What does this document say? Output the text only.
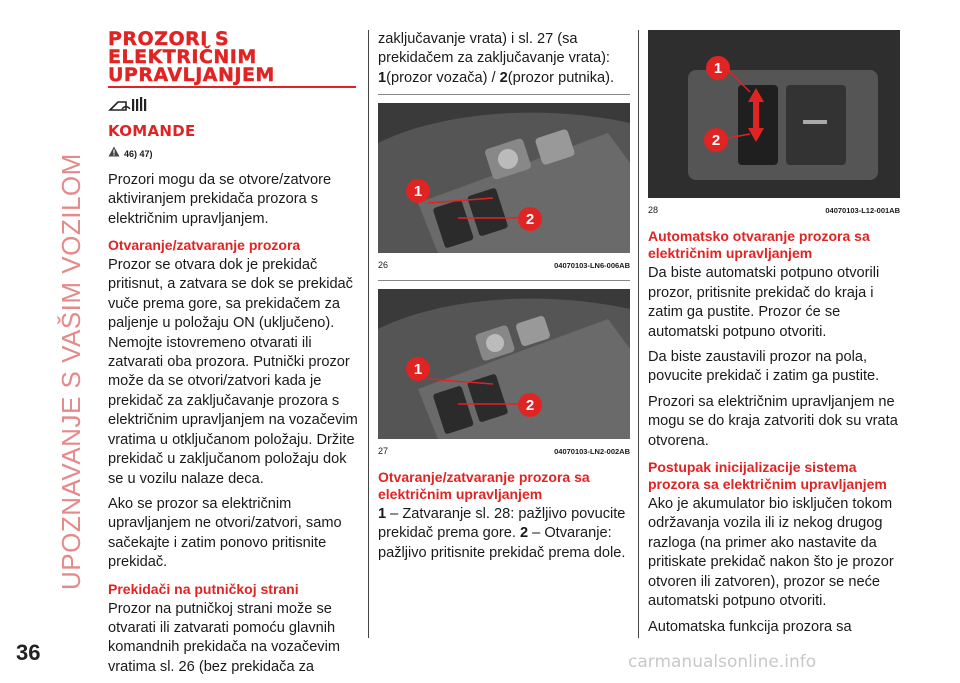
UPOZNAVANJE S VAŠIM VOZILOM
PROZORI S
ELEKTRIČNIM
UPRAVLJANJEM
KOMANDE
46) 47)

Prozori mogu da se otvore/zatvore aktiviranjem prekidača prozora s električnim upravljanjem.

Otvaranje/zatvaranje prozora

Prozor se otvara dok je prekidač pritisnut, a zatvara se dok se prekidač vuče prema gore, sa prekidačem za paljenje u položaju ON (uključeno). Nemojte istovremeno otvarati ili zatvarati oba prozora. Putnički prozor može da se otvori/zatvori kada je prekidač za zaključavanje prozora s električnim upravljanjem na vozačevim vratima u otključanom položaju. Držite prekidač u zaključanom položaju dok se u vozilu nalaze deca.

Ako se prozor sa električnim upravljanjem ne otvori/zatvori, samo sačekajte i zatim ponovo pritisnite prekidač.

Prekidači na putničkoj strani

Prozor na putničkoj strani može se otvarati ili zatvarati pomoću glavnih komandnih prekidača na vozačevim vratima sl. 26 (bez prekidača za

zaključavanje vrata) i sl. 27 (sa prekidačem za zaključavanje vrata):

1(prozor vozača) / 2(prozor putnika).

1
2
26	04070103-LN6-006AB
1
2
27	04070103-LN2-002AB
Otvaranje/zatvaranje prozora sa električnim upravljanjem

1 – Zatvaranje sl. 28: pažljivo povucite prekidač prema gore. 2 – Otvaranje: pažljivo pritisnite prekidač prema dole.

1
2
28	04070103-L12-001AB
Automatsko otvaranje prozora sa električnim upravljanjem

Da biste automatski potpuno otvorili prozor, pritisnite prekidač do kraja i zatim ga pustite. Prozor će se automatski potpuno otvoriti.

Da biste zaustavili prozor na pola, povucite prekidač i zatim ga pustite.

Prozori sa električnim upravljanjem ne mogu se do kraja zatvoriti dok su vrata otvorena.

Postupak inicijalizacije sistema prozora sa električnim upravljanjem

Ako je akumulator bio isključen tokom održavanja vozila ili iz nekog drugog razloga (na primer ako nastavite da pritiskate prekidač nakon što je prozor otvoren ili zatvoren), prozor se neće automatski potpuno otvoriti.

Automatska funkcija prozora sa

36	carmanualsonline.info
